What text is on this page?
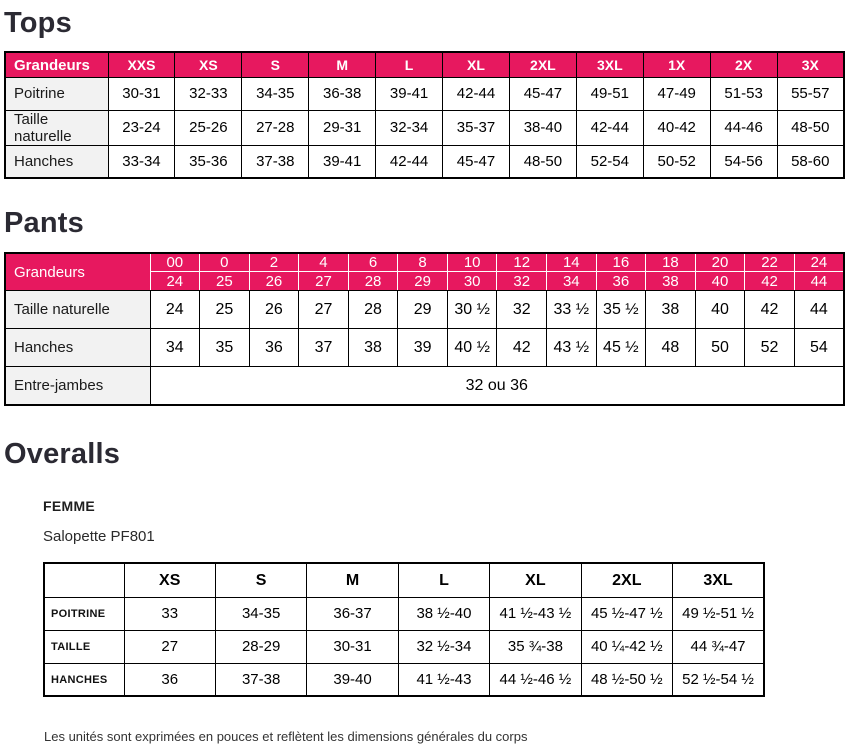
Tops
Grandeurs	XXS	XS	S	M	L	XL	2XL	3XL	1X	2X	3X
Poitrine	30-31	32-33	34-35	36-38	39-41	42-44	45-47	49-51	47-49	51-53	55-57
Taille naturelle	23-24	25-26	27-28	29-31	32-34	35-37	38-40	42-44	40-42	44-46	48-50
Hanches	33-34	35-36	37-38	39-41	42-44	45-47	48-50	52-54	50-52	54-56	58-60
Pants
Grandeurs	00	0	2	4	6	8	10	12	14	16	18	20	22	24
	24	25	26	27	28	29	30	32	34	36	38	40	42	44
Taille naturelle	24	25	26	27	28	29	30 ½	32	33 ½	35 ½	38	40	42	44
Hanches	34	35	36	37	38	39	40 ½	42	43 ½	45 ½	48	50	52	54
Entre-jambes	32 ou 36													
Overalls
FEMME
Salopette PF801
	XS	S	M	L	XL	2XL	3XL
POITRINE	33	34-35	36-37	38 ½-40	41 ½-43 ½	45 ½-47 ½	49 ½-51 ½
TAILLE	27	28-29	30-31	32 ½-34	35 ¾-38	40 ¼-42 ½	44 ¾-47
HANCHES	36	37-38	39-40	41 ½-43	44 ½-46 ½	48 ½-50 ½	52 ½-54 ½
Les unités sont exprimées en pouces et reflètent les dimensions générales du corps
